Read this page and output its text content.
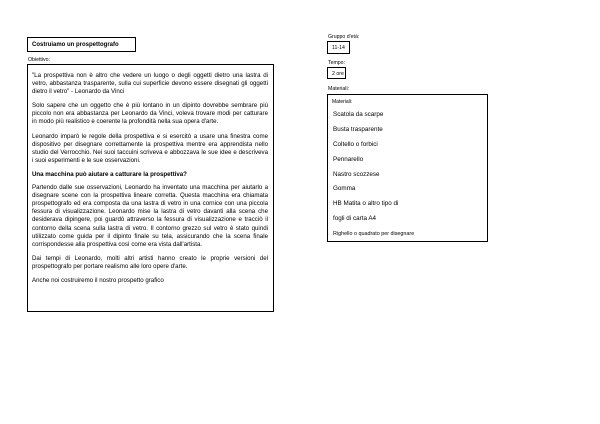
Costruiamo un prospettografo
Obiettivo:

"La prospettiva non è altro che vedere un luogo o degli oggetti dietro una lastra di vetro, abbastanza trasparente, sulla cui superficie devono essere disegnati gli oggetti dietro il vetro" - Leonardo da Vinci

Solo sapere che un oggetto che è più lontano in un dipinto dovrebbe sembrare più piccolo non era abbastanza per Leonardo da Vinci, voleva trovare modi per catturare in modo più realistico e coerente la profondità nella sua opera d'arte.

Leonardo imparò le regole della prospettiva e si esercitò a usare una finestra come dispositivo per disegnare correttamente la prospettiva mentre era apprendista nello studio del Verrocchio. Nei suoi taccuini scriveva e abbozzava le sue idee e descriveva i suoi esperimenti e le sue osservazioni.

Una macchina può aiutare a catturare la prospettiva?

Partendo dalle sue osservazioni, Leonardo ha inventato una macchina per aiutarlo a disegnare scene con la prospettiva lineare corretta. Questa macchina era chiamata prospettografo ed era composta da una lastra di vetro in una cornice con una piccola fessura di visualizzazione. Leonardo mise la lastra di vetro davanti alla scena che desiderava dipingere, poi guardò attraverso la fessura di visualizzazione e tracciò il contorno della scena sulla lastra di vetro. Il contorno grezzo sul vetro è stato quindi utilizzato come guida per il dipinto finale su tela, assicurando che la scena finale corrispondesse alla prospettiva così come era vista dall'artista.

Dai tempi di Leonardo, molti altri artisti hanno creato le proprie versioni del prospettografo per portare realismo alle loro opere d'arte.

Anche noi costruiremo il nostro prospetto grafico

Gruppo d'età:
11-14
Tempo:
2 ore
Materiali:
Materiali:
Scatola da scarpe
Busta trasparente
Coltello o forbici
Pennarello
Nastro scozzese
Gomma
HB Matita o altro tipo di
fogli di carta A4
Righello o quadrato per disegnare
